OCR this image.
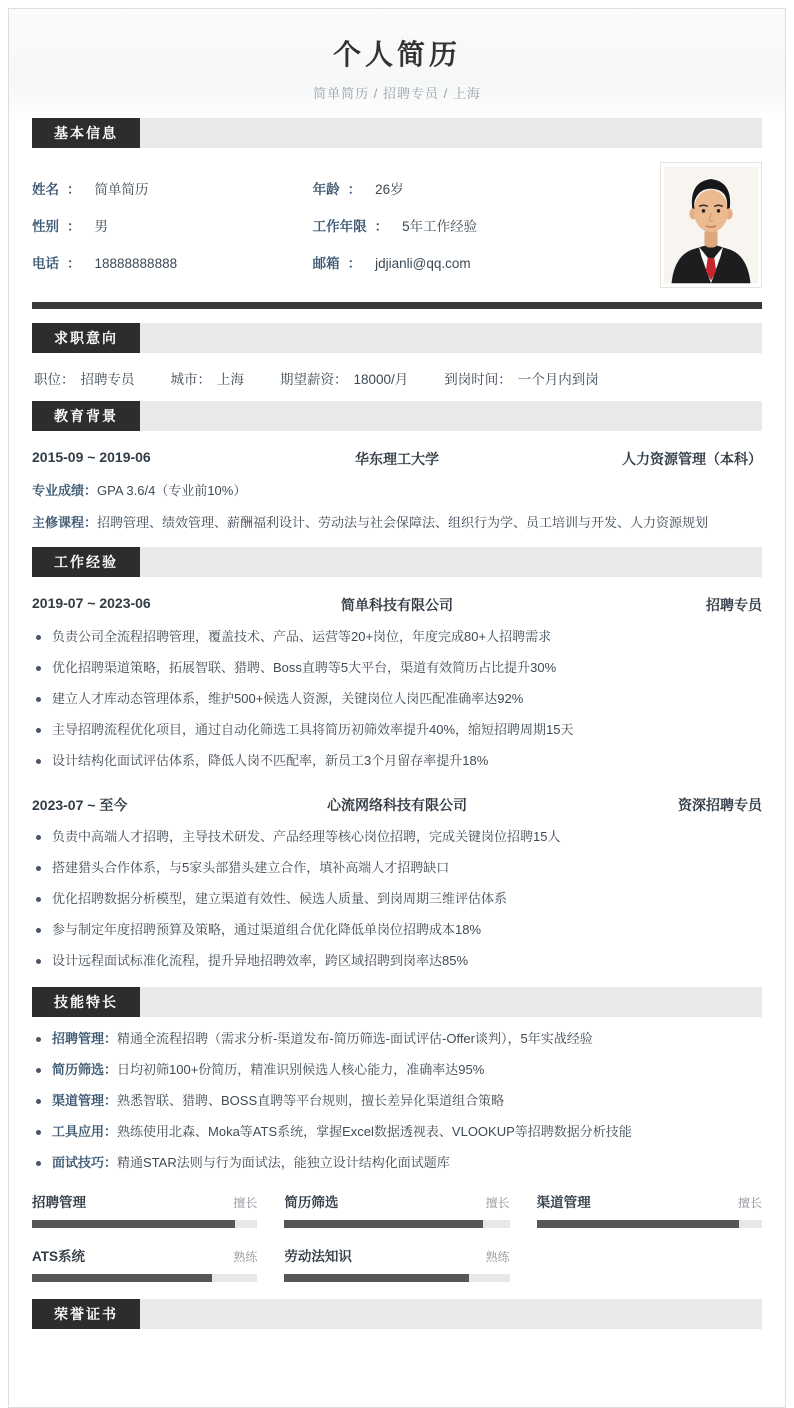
个人简历
简单简历 / 招聘专员 / 上海
基本信息
姓名 ： 简单简历	年龄 ： 26岁
性别 ： 男	工作年限 ： 5年工作经验
电话 ： 18888888888	邮箱 ： jdjianli@qq.com
求职意向
职位： 招聘专员	城市： 上海	期望薪资： 18000/月	到岗时间： 一个月内到岗
教育背景
2015-09 ~ 2019-06	华东理工大学	人力资源管理（本科）
专业成绩：GPA 3.6/4（专业前10%）
主修课程：招聘管理、绩效管理、薪酬福利设计、劳动法与社会保障法、组织行为学、员工培训与开发、人力资源规划
工作经验
2019-07 ~ 2023-06	简单科技有限公司	招聘专员
负责公司全流程招聘管理，覆盖技术、产品、运营等20+岗位，年度完成80+人招聘需求
优化招聘渠道策略，拓展智联、猎聘、Boss直聘等5大平台，渠道有效简历占比提升30%
建立人才库动态管理体系，维护500+候选人资源，关键岗位人岗匹配准确率达92%
主导招聘流程优化项目，通过自动化筛选工具将简历初筛效率提升40%，缩短招聘周期15天
设计结构化面试评估体系，降低人岗不匹配率，新员工3个月留存率提升18%
2023-07 ~ 至今	心流网络科技有限公司	资深招聘专员
负责中高端人才招聘，主导技术研发、产品经理等核心岗位招聘，完成关键岗位招聘15人
搭建猎头合作体系，与5家头部猎头建立合作，填补高端人才招聘缺口
优化招聘数据分析模型，建立渠道有效性、候选人质量、到岗周期三维评估体系
参与制定年度招聘预算及策略，通过渠道组合优化降低单岗位招聘成本18%
设计远程面试标准化流程，提升异地招聘效率，跨区域招聘到岗率达85%
技能特长
招聘管理：精通全流程招聘（需求分析-渠道发布-简历筛选-面试评估-Offer谈判），5年实战经验
简历筛选：日均初筛100+份简历，精准识别候选人核心能力，准确率达95%
渠道管理：熟悉智联、猎聘、BOSS直聘等平台规则，擅长差异化渠道组合策略
工具应用：熟练使用北森、Moka等ATS系统，掌握Excel数据透视表、VLOOKUP等招聘数据分析技能
面试技巧：精通STAR法则与行为面试法，能独立设计结构化面试题库
招聘管理	擅长 简历筛选	擅长 渠道管理	擅长
ATS系统	熟练 劳动法知识	熟练
荣誉证书
